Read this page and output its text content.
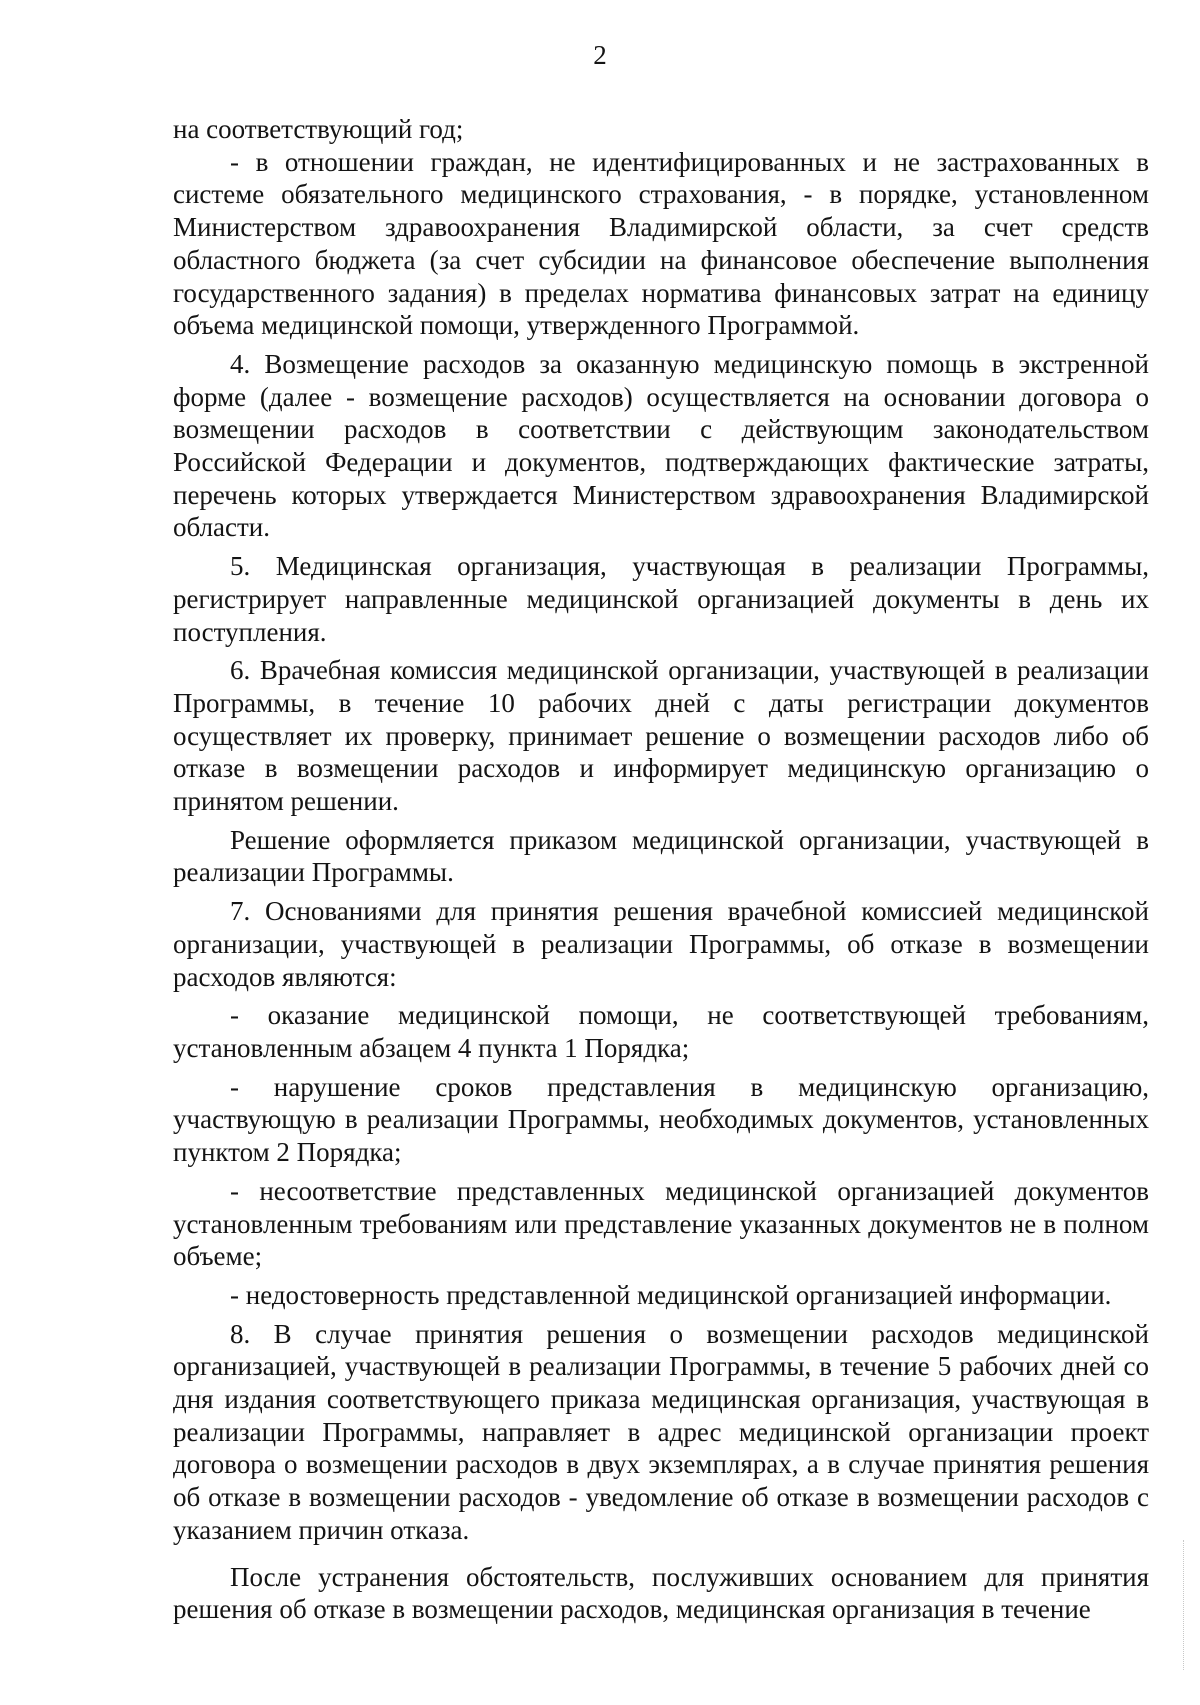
2

на соответствующий год;

- в отношении граждан, не идентифицированных и не застрахованных в системе обязательного медицинского страхования, - в порядке, установленном Министерством здравоохранения Владимирской области, за счет средств областного бюджета (за счет субсидии на финансовое обеспечение выполнения государственного задания) в пределах норматива финансовых затрат на единицу объема медицинской помощи, утвержденного Программой.

4. Возмещение расходов за оказанную медицинскую помощь в экстренной форме (далее - возмещение расходов) осуществляется на основании договора о возмещении расходов в соответствии с действующим законодательством Российской Федерации и документов, подтверждающих фактические затраты, перечень которых утверждается Министерством здравоохранения Владимирской области.

5. Медицинская организация, участвующая в реализации Программы, регистрирует направленные медицинской организацией документы в день их поступления.

6. Врачебная комиссия медицинской организации, участвующей в реализации Программы, в течение 10 рабочих дней с даты регистрации документов осуществляет их проверку, принимает решение о возмещении расходов либо об отказе в возмещении расходов и информирует медицинскую организацию о принятом решении.

Решение оформляется приказом медицинской организации, участвующей в реализации Программы.

7. Основаниями для принятия решения врачебной комиссией медицинской организации, участвующей в реализации Программы, об отказе в возмещении расходов являются:

- оказание медицинской помощи, не соответствующей требованиям, установленным абзацем 4 пункта 1 Порядка;

- нарушение сроков представления в медицинскую организацию, участвующую в реализации Программы, необходимых документов, установленных пунктом 2 Порядка;

- несоответствие представленных медицинской организацией документов установленным требованиям или представление указанных документов не в полном объеме;

- недостоверность представленной медицинской организацией информации.

8. В случае принятия решения о возмещении расходов медицинской организацией, участвующей в реализации Программы, в течение 5 рабочих дней со дня издания соответствующего приказа медицинская организация, участвующая в реализации Программы, направляет в адрес медицинской организации проект договора о возмещении расходов в двух экземплярах, а в случае принятия решения об отказе в возмещении расходов - уведомление об отказе в возмещении расходов с указанием причин отказа.

После устранения обстоятельств, послуживших основанием для принятия решения об отказе в возмещении расходов, медицинская организация в течение
